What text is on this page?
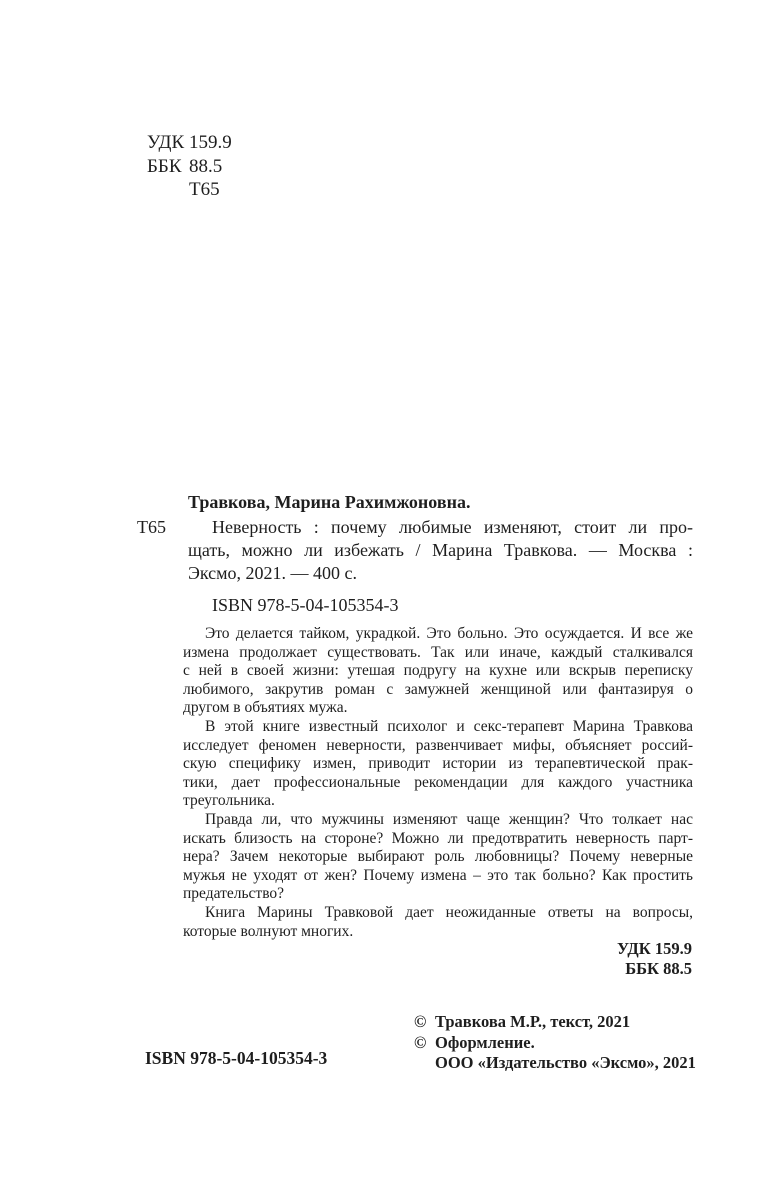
УДК 159.9
ББК 88.5
Т65
Травкова, Марина Рахимжоновна.
Т65	Неверность : почему любимые изменяют, стоит ли про-
щать, можно ли избежать / Марина Травкова. — Москва :
Эксмо, 2021. — 400 с.
ISBN 978-5-04-105354-3
Это делается тайком, украдкой. Это больно. Это осуждается. И все же
измена продолжает существовать. Так или иначе, каждый сталкивался
с ней в своей жизни: утешая подругу на кухне или вскрыв переписку
любимого, закрутив роман с замужней женщиной или фантазируя о
другом в объятиях мужа.
В этой книге известный психолог и секс-терапевт Марина Травкова
исследует феномен неверности, развенчивает мифы, объясняет россий-
скую специфику измен, приводит истории из терапевтической прак-
тики, дает профессиональные рекомендации для каждого участника
треугольника.
Правда ли, что мужчины изменяют чаще женщин? Что толкает нас
искать близость на стороне? Можно ли предотвратить неверность парт-
нера? Зачем некоторые выбирают роль любовницы? Почему неверные
мужья не уходят от жен? Почему измена – это так больно? Как простить
предательство?
Книга Марины Травковой дает неожиданные ответы на вопросы,
которые волнуют многих.
УДК 159.9
ББК 88.5
ISBN 978-5-04-105354-3
© Травкова М.Р., текст, 2021
© Оформление.
ООО «Издательство «Эксмо», 2021
